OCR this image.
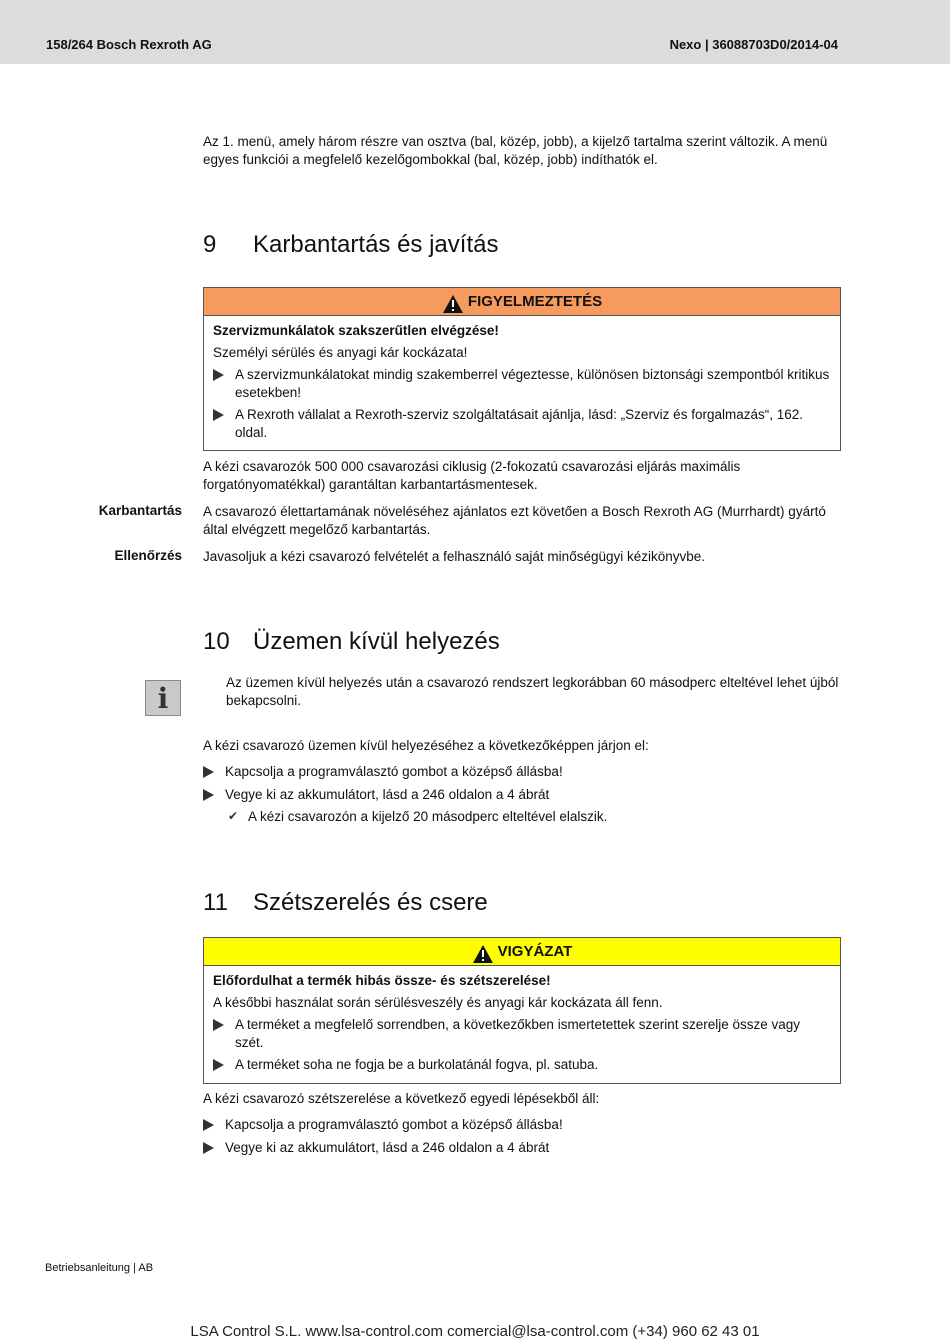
158/264 Bosch Rexroth AG	Nexo | 36088703D0/2014-04

Az 1. menü, amely három részre van osztva (bal, közép, jobb), a kijelző tartalma szerint változik. A menü egyes funkciói a megfelelő kezelőgombokkal (bal, közép, jobb) indíthatók el.

9 Karbantartás és javítás
FIGYELMEZTETÉS

Szervizmunkálatok szakszerűtlen elvégzése!

Személyi sérülés és anyagi kár kockázata!

A szervizmunkálatokat mindig szakemberrel végeztesse, különösen biztonsági szempontból kritikus esetekben!
A Rexroth vállalat a Rexroth-szerviz szolgáltatásait ajánlja, lásd: „Szerviz és forgalmazás“, 162. oldal.

A kézi csavarozók 500 000 csavarozási ciklusig (2-fokozatú csavarozási eljárás maximális forgatónyomatékkal) garantáltan karbantartásmentesek.

Karbantartás A csavarozó élettartamának növeléséhez ajánlatos ezt követően a Bosch Rexroth AG (Murrhardt) gyártó által elvégzett megelőző karbantartás.

Ellenőrzés Javasoljuk a kézi csavarozó felvételét a felhasználó saját minőségügyi kézikönyvbe.

10 Üzemen kívül helyezés
i	Az üzemen kívül helyezés után a csavarozó rendszert legkorábban 60 másodperc elteltével lehet újból bekapcsolni.

A kézi csavarozó üzemen kívül helyezéséhez a következőképpen járjon el:

Kapcsolja a programválasztó gombot a középső állásba!
Vegye ki az akkumulátort, lásd a 246 oldalon a 4 ábrát
✔ A kézi csavarozón a kijelző 20 másodperc elteltével elalszik.
11 Szétszerelés és csere
VIGYÁZAT

Előfordulhat a termék hibás össze- és szétszerelése!

A későbbi használat során sérülésveszély és anyagi kár kockázata áll fenn.

A terméket a megfelelő sorrendben, a következőkben ismertetettek szerint szerelje össze vagy szét.
A terméket soha ne fogja be a burkolatánál fogva, pl. satuba.

A kézi csavarozó szétszerelése a következő egyedi lépésekből áll:

Kapcsolja a programválasztó gombot a középső állásba!
Vegye ki az akkumulátort, lásd a 246 oldalon a 4 ábrát
Betriebsanleitung | AB
LSA Control S.L. www.lsa-control.com comercial@lsa-control.com (+34) 960 62 43 01
